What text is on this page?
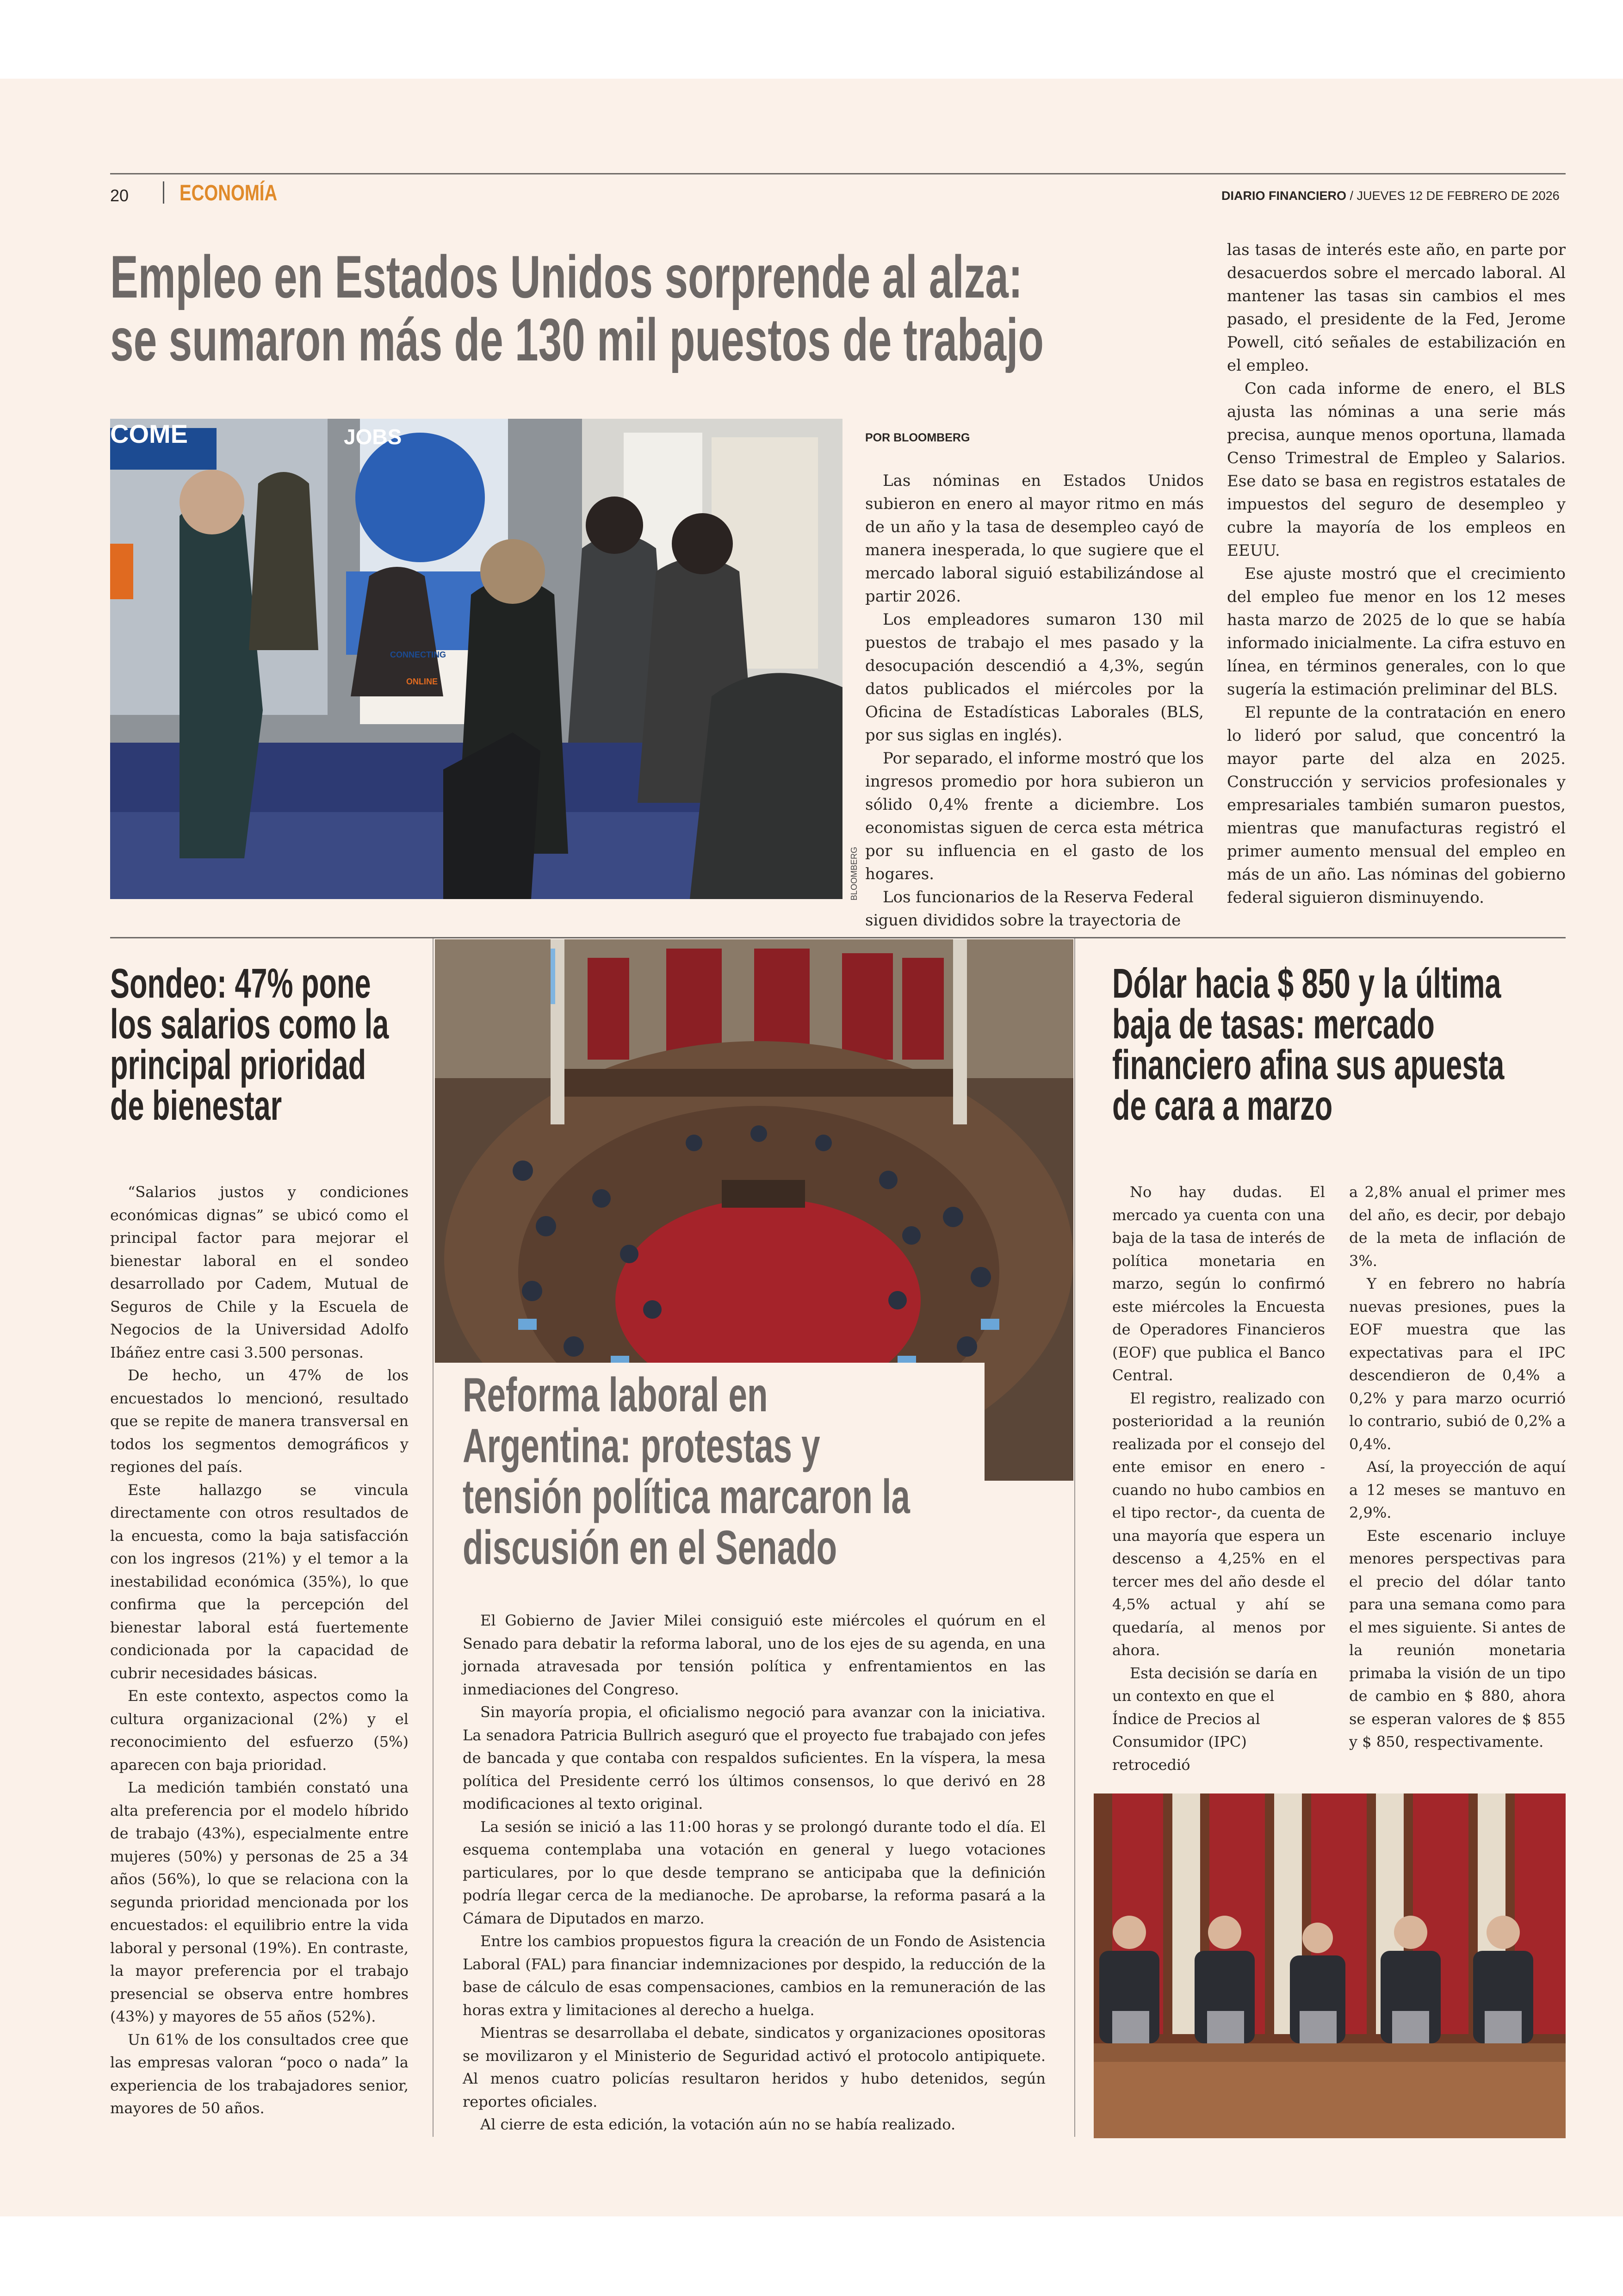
20 ECONOMÍA	DIARIO FINANCIERO / JUEVES 12 DE FEBRERO DE 2026
Empleo en Estados Unidos sorprende al alza:
se sumaron más de 130 mil puestos de trabajo
COME	JOBS
CONNECTING
ONLINE
BLOOMBERG
POR BLOOMBERG

Las nóminas en Estados Unidos subieron en enero al mayor ritmo en más de un año y la tasa de desempleo cayó de manera inesperada, lo que sugiere que el mercado laboral siguió estabilizándose al partir 2026.

Los empleadores sumaron 130 mil puestos de trabajo el mes pasado y la desocupación descendió a 4,3%, según datos publicados el miércoles por la Oficina de Estadísticas Laborales (BLS, por sus siglas en inglés).

Por separado, el informe mostró que los ingresos promedio por hora subieron un sólido 0,4% frente a diciembre. Los economistas siguen de cerca esta métrica por su influencia en el gasto de los hogares.

Los funcionarios de la Reserva Federal siguen divididos sobre la trayectoria de

las tasas de interés este año, en parte por desacuerdos sobre el mercado laboral. Al mantener las tasas sin cambios el mes pasado, el presidente de la Fed, Jerome Powell, citó señales de estabilización en el empleo.

Con cada informe de enero, el BLS ajusta las nóminas a una serie más precisa, aunque menos oportuna, llamada Censo Trimestral de Empleo y Salarios. Ese dato se basa en registros estatales de impuestos del seguro de desempleo y cubre la mayoría de los empleos en EEUU.

Ese ajuste mostró que el crecimiento del empleo fue menor en los 12 meses hasta marzo de 2025 de lo que se había informado inicialmente. La cifra estuvo en línea, en términos generales, con lo que sugería la estimación preliminar del BLS.

El repunte de la contratación en enero lo lideró por salud, que concentró la mayor parte del alza en 2025. Construcción y servicios profesionales y empresariales también sumaron puestos, mientras que manufacturas registró el primer aumento mensual del empleo en más de un año. Las nóminas del gobierno federal siguieron disminuyendo.

Sondeo: 47% pone
los salarios como la
principal prioridad
de bienestar

“Salarios justos y condiciones económicas dignas” se ubicó como el principal factor para mejorar el bienestar laboral en el sondeo desarrollado por Cadem, Mutual de Seguros de Chile y la Escuela de Negocios de la Universidad Adolfo Ibáñez entre casi 3.500 personas.

De hecho, un 47% de los encuestados lo mencionó, resultado que se repite de manera transversal en todos los segmentos demográficos y regiones del país.

Este hallazgo se vincula directamente con otros resultados de la encuesta, como la baja satisfacción con los ingresos (21%) y el temor a la inestabilidad económica (35%), lo que confirma que la percepción del bienestar laboral está fuertemente condicionada por la capacidad de cubrir necesidades básicas.

En este contexto, aspectos como la cultura organizacional (2%) y el reconocimiento del esfuerzo (5%) aparecen con baja prioridad.

La medición también constató una alta preferencia por el modelo híbrido de trabajo (43%), especialmente entre mujeres (50%) y personas de 25 a 34 años (56%), lo que se relaciona con la segunda prioridad mencionada por los encuestados: el equilibrio entre la vida laboral y personal (19%). En contraste, la mayor preferencia por el trabajo presencial se observa entre hombres (43%) y mayores de 55 años (52%).

Un 61% de los consultados cree que las empresas valoran “poco o nada” la experiencia de los trabajadores senior, mayores de 50 años.

Reforma laboral en
Argentina: protestas y
tensión política marcaron la
discusión en el Senado

El Gobierno de Javier Milei consiguió este miércoles el quórum en el Senado para debatir la reforma laboral, uno de los ejes de su agenda, en una jornada atravesada por tensión política y enfrentamientos en las inmediaciones del Congreso.

Sin mayoría propia, el oficialismo negoció para avanzar con la iniciativa. La senadora Patricia Bullrich aseguró que el proyecto fue trabajado con jefes de bancada y que contaba con respaldos suficientes. En la víspera, la mesa política del Presidente cerró los últimos consensos, lo que derivó en 28 modificaciones al texto original.

La sesión se inició a las 11:00 horas y se prolongó durante todo el día. El esquema contemplaba una votación en general y luego votaciones particulares, por lo que desde temprano se anticipaba que la definición podría llegar cerca de la medianoche. De aprobarse, la reforma pasará a la Cámara de Diputados en marzo.

Entre los cambios propuestos figura la creación de un Fondo de Asistencia Laboral (FAL) para financiar indemnizaciones por despido, la reducción de la base de cálculo de esas compensaciones, cambios en la remuneración de las horas extra y limitaciones al derecho a huelga.

Mientras se desarrollaba el debate, sindicatos y organizaciones opositoras se movilizaron y el Ministerio de Seguridad activó el protocolo antipiquete. Al menos cuatro policías resultaron heridos y hubo detenidos, según reportes oficiales.

Al cierre de esta edición, la votación aún no se había realizado.

Dólar hacia $ 850 y la última
baja de tasas: mercado
financiero afina sus apuesta
de cara a marzo

No hay dudas. El mercado ya cuenta con una baja de la tasa de interés de política monetaria en marzo, según lo confirmó este miércoles la Encuesta de Operadores Financieros (EOF) que publica el Banco Central.

El registro, realizado con posterioridad a la reunión realizada por el consejo del ente emisor en enero -cuando no hubo cambios en el tipo rector-, da cuenta de una mayoría que espera un descenso a 4,25% en el tercer mes del año desde el 4,5% actual y ahí se quedaría, al menos por ahora.

Esta decisión se daría en un contexto en que el Índice de Precios al Consumidor (IPC) retrocedió

a 2,8% anual el primer mes del año, es decir, por debajo de la meta de inflación de 3%.

Y en febrero no habría nuevas presiones, pues la EOF muestra que las expectativas para el IPC descendieron de 0,4% a 0,2% y para marzo ocurrió lo contrario, subió de 0,2% a 0,4%.

Así, la proyección de aquí a 12 meses se mantuvo en 2,9%.

Este escenario incluye menores perspectivas para el precio del dólar tanto para una semana como para el mes siguiente. Si antes de la reunión monetaria primaba la visión de un tipo de cambio en $ 880, ahora se esperan valores de $ 855 y $ 850, respectivamente.
